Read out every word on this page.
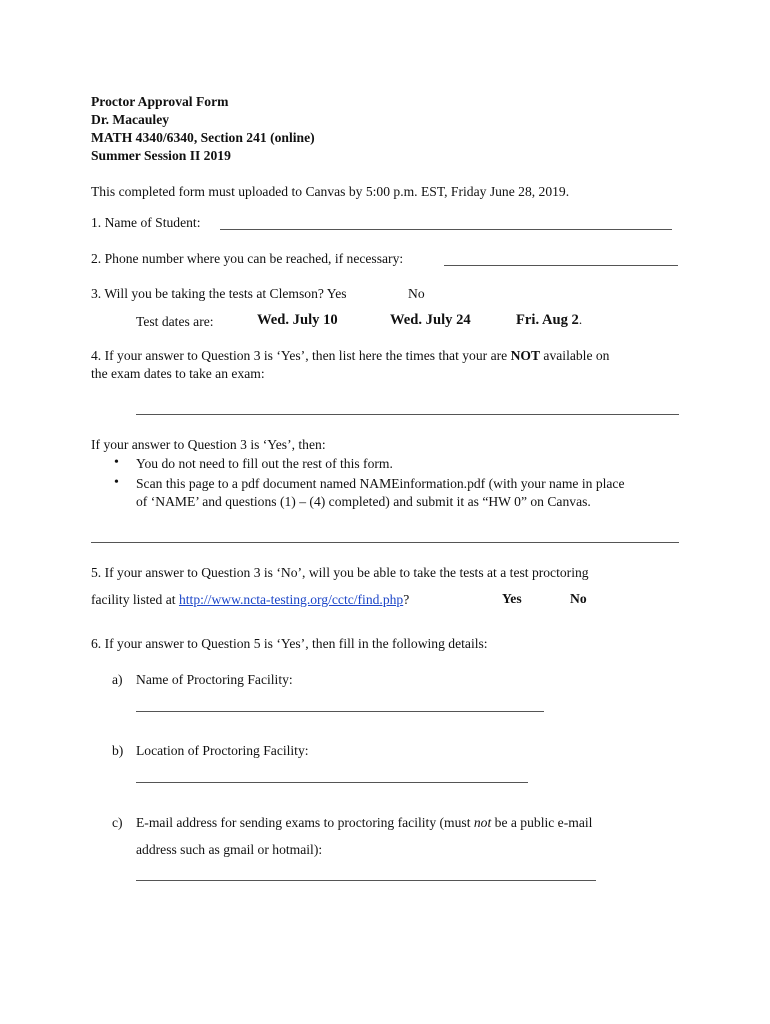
Proctor Approval Form
Dr. Macauley
MATH 4340/6340, Section 241 (online)
Summer Session II 2019
This completed form must uploaded to Canvas by 5:00 p.m. EST, Friday June 28, 2019.
1. Name of Student:
2. Phone number where you can be reached, if necessary:
3. Will you be taking the tests at Clemson? Yes	No
Test dates are:	Wed. July 10	Wed. July 24	Fri. Aug 2.
4. If your answer to Question 3 is ‘Yes’, then list here the times that your are NOT available on
the exam dates to take an exam:
If your answer to Question 3 is ‘Yes’, then:
• You do not need to fill out the rest of this form.
• Scan this page to a pdf document named NAMEinformation.pdf (with your name in place
of ‘NAME’ and questions (1) – (4) completed) and submit it as “HW 0” on Canvas.
5. If your answer to Question 3 is ‘No’, will you be able to take the tests at a test proctoring
facility listed at http://www.ncta-testing.org/cctc/find.php?	Yes	No
6. If your answer to Question 5 is ‘Yes’, then fill in the following details:
a) Name of Proctoring Facility:
b) Location of Proctoring Facility:
c) E-mail address for sending exams to proctoring facility (must not be a public e-mail
address such as gmail or hotmail):
